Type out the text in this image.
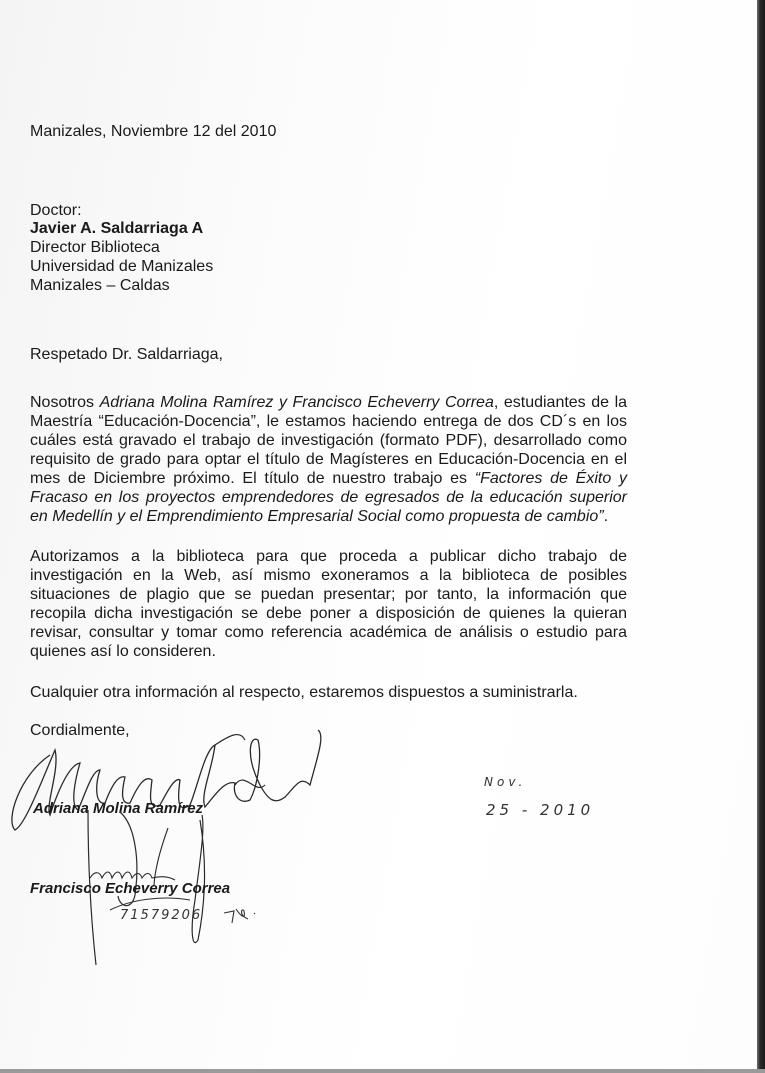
Manizales, Noviembre 12 del 2010
Doctor:
Javier A. Saldarriaga A
Director Biblioteca
Universidad de Manizales
Manizales – Caldas
Respetado Dr. Saldarriaga,
Nosotros Adriana Molina Ramírez y Francisco Echeverry Correa, estudiantes de la
Maestría “Educación-Docencia”, le estamos haciendo entrega de dos CD´s en los
cuáles está gravado el trabajo de investigación (formato PDF), desarrollado como
requisito de grado para optar el título de Magísteres en Educación-Docencia en el
mes de Diciembre próximo. El título de nuestro trabajo es “Factores de Éxito y
Fracaso en los proyectos emprendedores de egresados de la educación superior
en Medellín y el Emprendimiento Empresarial Social como propuesta de cambio”.
Autorizamos a la biblioteca para que proceda a publicar dicho trabajo de
investigación en la Web, así mismo exoneramos a la biblioteca de posibles
situaciones de plagio que se puedan presentar; por tanto, la información que
recopila dicha investigación se debe poner a disposición de quienes la quieran
revisar, consultar y tomar como referencia académica de análisis o estudio para
quienes así lo consideren.
Cualquier otra información al respecto, estaremos dispuestos a suministrarla.
Cordialmente,
Adriana Molina Ramírez
Francisco Echeverry Correa
71579206
Nov.
25 - 2010
